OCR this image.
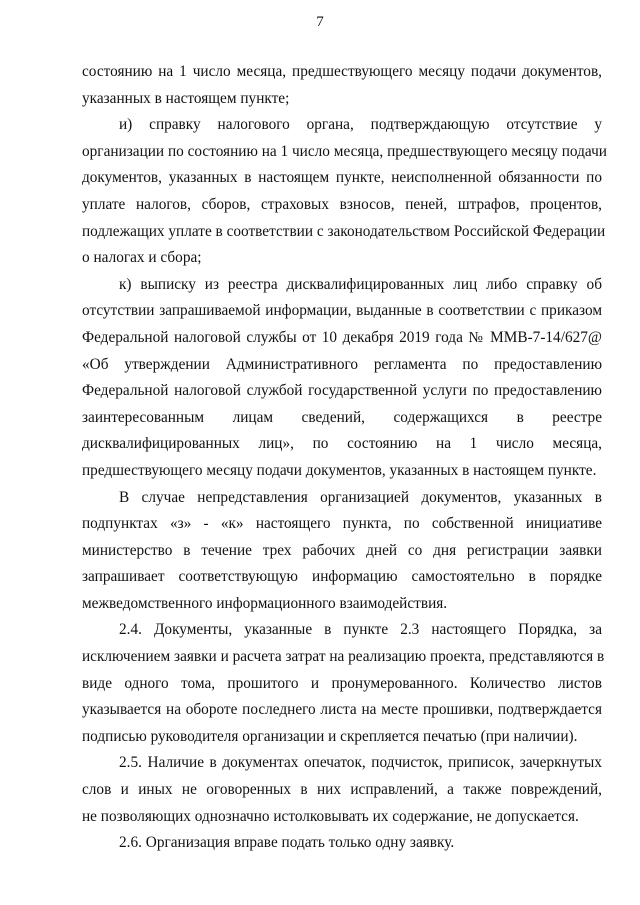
7
состоянию на 1 число месяца, предшествующего месяцу подачи документов,
указанных в настоящем пункте;
и) справку налогового органа, подтверждающую отсутствие у
организации по состоянию на 1 число месяца, предшествующего месяцу подачи
документов, указанных в настоящем пункте, неисполненной обязанности по
уплате налогов, сборов, страховых взносов, пеней, штрафов, процентов,
подлежащих уплате в соответствии с законодательством Российской Федерации
о налогах и сбора;
к) выписку из реестра дисквалифицированных лиц либо справку об
отсутствии запрашиваемой информации, выданные в соответствии с приказом
Федеральной налоговой службы от 10 декабря 2019 года № ММВ-7-14/627@
«Об утверждении Административного регламента по предоставлению
Федеральной налоговой службой государственной услуги по предоставлению
заинтересованным лицам сведений, содержащихся в реестре
дисквалифицированных лиц», по состоянию на 1 число месяца,
предшествующего месяцу подачи документов, указанных в настоящем пункте.
В случае непредставления организацией документов, указанных в
подпунктах «з» - «к» настоящего пункта, по собственной инициативе
министерство в течение трех рабочих дней со дня регистрации заявки
запрашивает соответствующую информацию самостоятельно в порядке
межведомственного информационного взаимодействия.
2.4. Документы, указанные в пункте 2.3 настоящего Порядка, за
исключением заявки и расчета затрат на реализацию проекта, представляются в
виде одного тома, прошитого и пронумерованного. Количество листов
указывается на обороте последнего листа на месте прошивки, подтверждается
подписью руководителя организации и скрепляется печатью (при наличии).
2.5. Наличие в документах опечаток, подчисток, приписок, зачеркнутых
слов и иных не оговоренных в них исправлений, а также повреждений,
не позволяющих однозначно истолковывать их содержание, не допускается.
2.6. Организация вправе подать только одну заявку.
